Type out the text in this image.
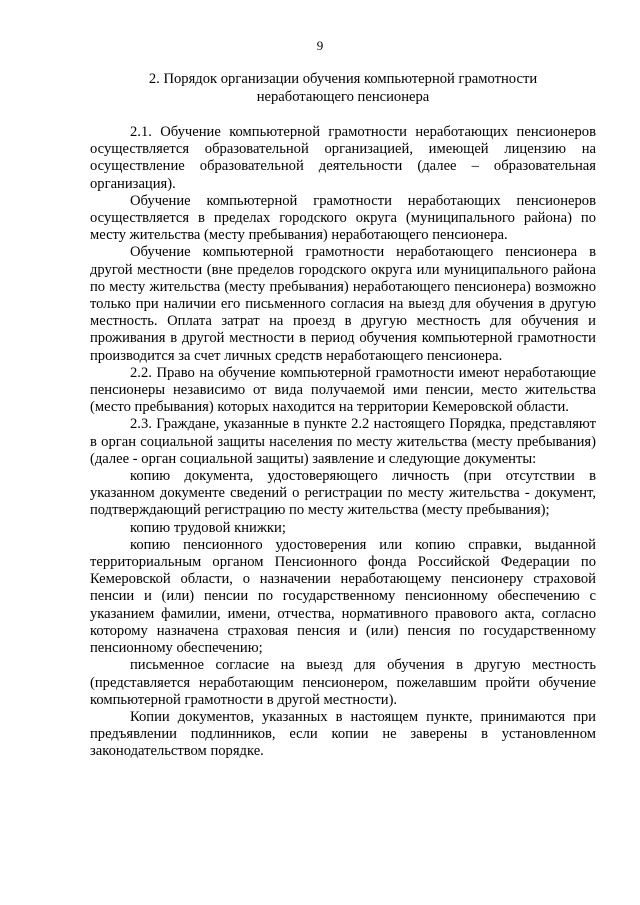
9
2. Порядок организации обучения компьютерной грамотности
неработающего пенсионера

2.1. Обучение компьютерной грамотности неработающих пенсионеров осуществляется образовательной организацией, имеющей лицензию на осуществление образовательной деятельности (далее – образовательная организация).

Обучение компьютерной грамотности неработающих пенсионеров осуществляется в пределах городского округа (муниципального района) по месту жительства (месту пребывания) неработающего пенсионера.

Обучение компьютерной грамотности неработающего пенсионера в другой местности (вне пределов городского округа или муниципального района по месту жительства (месту пребывания) неработающего пенсионера) возможно только при наличии его письменного согласия на выезд для обучения в другую местность. Оплата затрат на проезд в другую местность для обучения и проживания в другой местности в период обучения компьютерной грамотности производится за счет личных средств неработающего пенсионера.

2.2. Право на обучение компьютерной грамотности имеют неработающие пенсионеры независимо от вида получаемой ими пенсии, место жительства (место пребывания) которых находится на территории Кемеровской области.

2.3. Граждане, указанные в пункте 2.2 настоящего Порядка, представляют в орган социальной защиты населения по месту жительства (месту пребывания) (далее - орган социальной защиты) заявление и следующие документы:

копию документа, удостоверяющего личность (при отсутствии в указанном документе сведений о регистрации по месту жительства - документ, подтверждающий регистрацию по месту жительства (месту пребывания);

копию трудовой книжки;

копию пенсионного удостоверения или копию справки, выданной территориальным органом Пенсионного фонда Российской Федерации по Кемеровской области, о назначении неработающему пенсионеру страховой пенсии и (или) пенсии по государственному пенсионному обеспечению с указанием фамилии, имени, отчества, нормативного правового акта, согласно которому назначена страховая пенсия и (или) пенсия по государственному пенсионному обеспечению;

письменное согласие на выезд для обучения в другую местность (представляется неработающим пенсионером, пожелавшим пройти обучение компьютерной грамотности в другой местности).

Копии документов, указанных в настоящем пункте, принимаются при предъявлении подлинников, если копии не заверены в установленном законодательством порядке.
